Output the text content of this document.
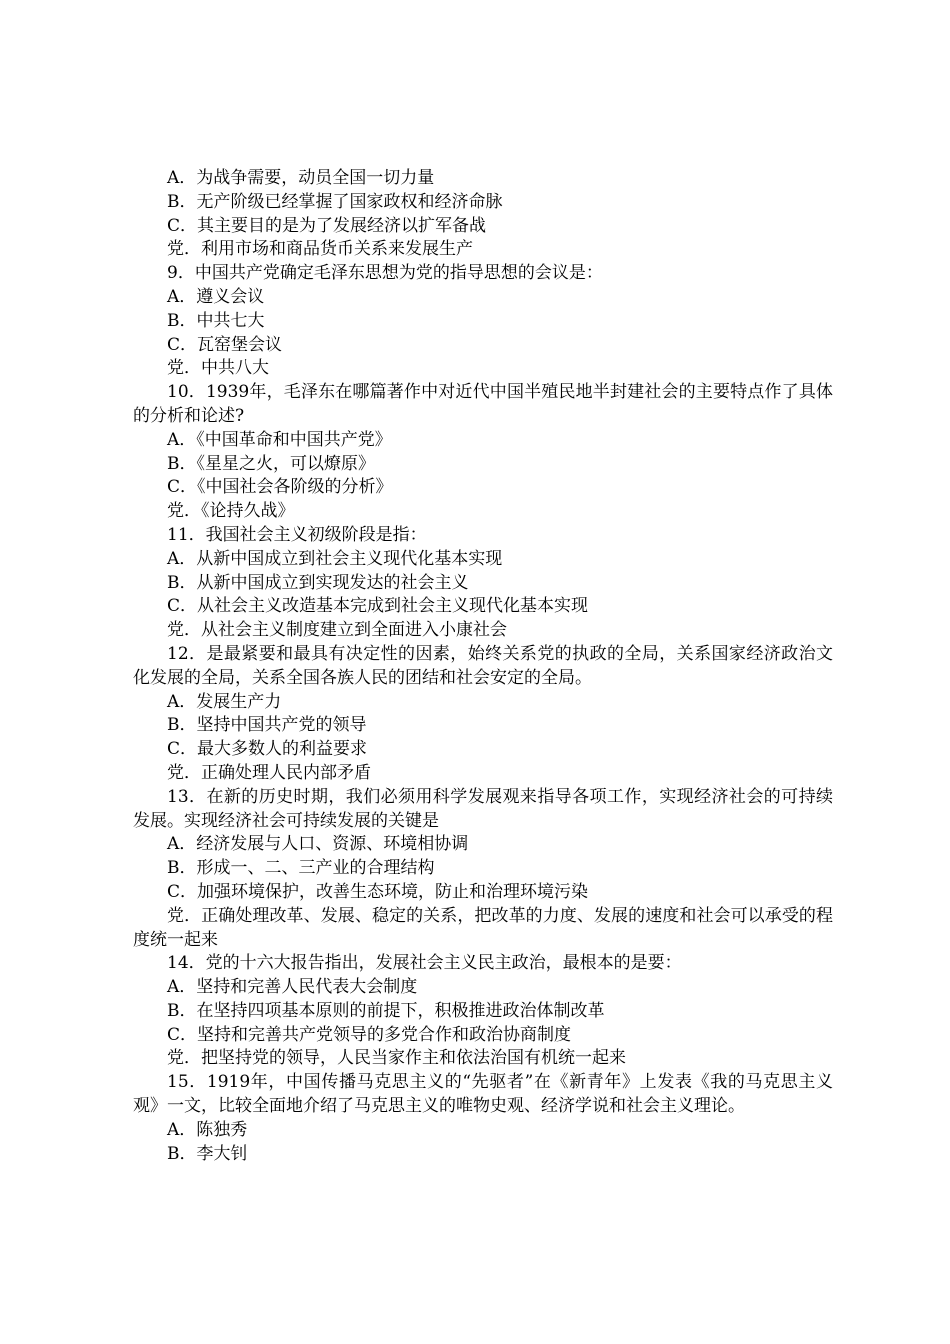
A．为战争需要，动员全国一切力量
B．无产阶级已经掌握了国家政权和经济命脉
C．其主要目的是为了发展经济以扩军备战
党．利用市场和商品货币关系来发展生产
9．中国共产党确定毛泽东思想为党的指导思想的会议是：
A．遵义会议
B．中共七大
C．瓦窑堡会议
党．中共八大
10．1939年，毛泽东在哪篇著作中对近代中国半殖民地半封建社会的主要特点作了具体的分析和论述?
A．《中国革命和中国共产党》
B．《星星之火，可以燎原》
C．《中国社会各阶级的分析》
党．《论持久战》
11．我国社会主义初级阶段是指：
A．从新中国成立到社会主义现代化基本实现
B．从新中国成立到实现发达的社会主义
C．从社会主义改造基本完成到社会主义现代化基本实现
党．从社会主义制度建立到全面进入小康社会
12．是最紧要和最具有决定性的因素，始终关系党的执政的全局，关系国家经济政治文化发展的全局，关系全国各族人民的团结和社会安定的全局。
A．发展生产力
B．坚持中国共产党的领导
C．最大多数人的利益要求
党．正确处理人民内部矛盾
13．在新的历史时期，我们必须用科学发展观来指导各项工作，实现经济社会的可持续发展。实现经济社会可持续发展的关键是
A．经济发展与人口、资源、环境相协调
B．形成一、二、三产业的合理结构
C．加强环境保护，改善生态环境，防止和治理环境污染
党．正确处理改革、发展、稳定的关系，把改革的力度、发展的速度和社会可以承受的程度统一起来
14．党的十六大报告指出，发展社会主义民主政治，最根本的是要：
A．坚持和完善人民代表大会制度
B．在坚持四项基本原则的前提下，积极推进政治体制改革
C．坚持和完善共产党领导的多党合作和政治协商制度
党．把坚持党的领导，人民当家作主和依法治国有机统一起来
15．1919年，中国传播马克思主义的“先驱者”在《新青年》上发表《我的马克思主义观》一文，比较全面地介绍了马克思主义的唯物史观、经济学说和社会主义理论。
A．陈独秀
B．李大钊
